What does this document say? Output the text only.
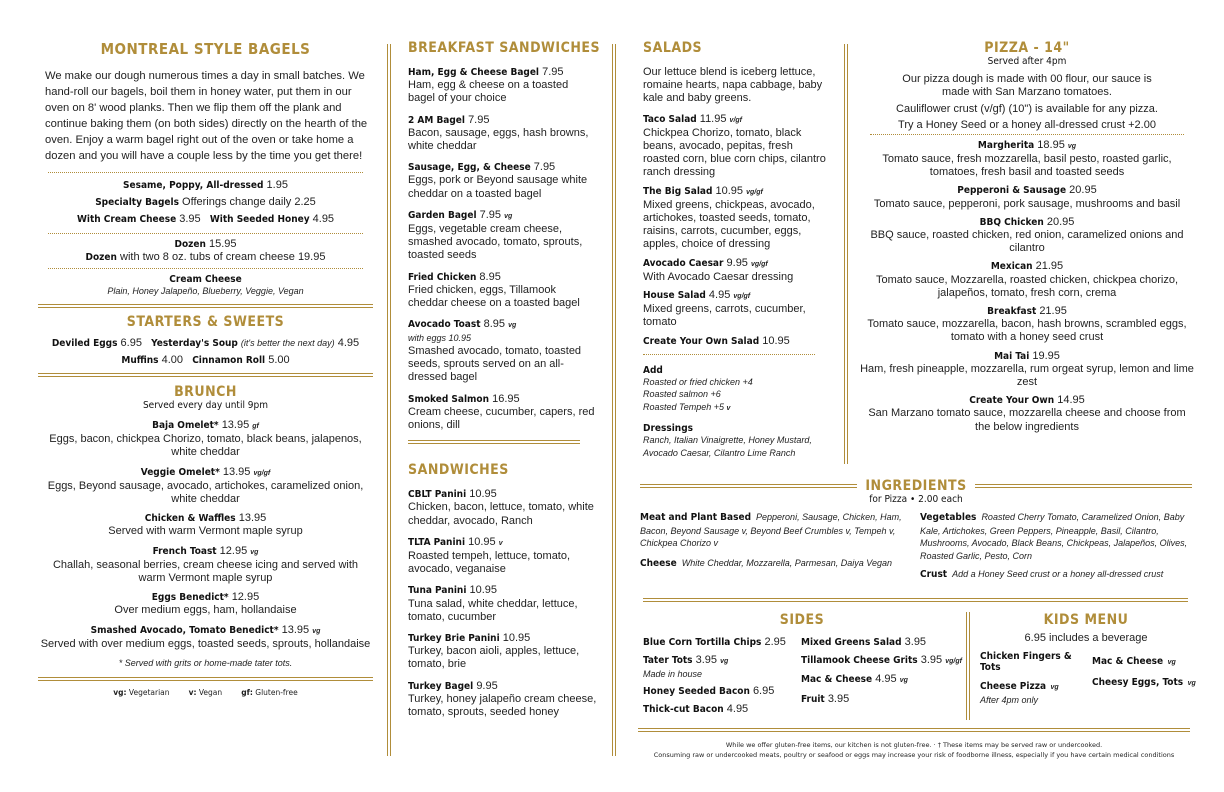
MONTREAL STYLE BAGELS
We make our dough numerous times a day in small batches. We hand-roll our bagels, boil them in honey water, put them in our oven on 8' wood planks. Then we flip them off the plank and continue baking them (on both sides) directly on the hearth of the oven. Enjoy a warm bagel right out of the oven or take home a dozen and you will have a couple less by the time you get there!
Sesame, Poppy, All-dressed 1.95
Specialty Bagels Offerings change daily 2.25
With Cream Cheese 3.95 With Seeded Honey 4.95
Dozen 15.95
Dozen with two 8 oz. tubs of cream cheese 19.95
Cream Cheese
Plain, Honey Jalapeño, Blueberry, Veggie, Vegan
STARTERS & SWEETS
Deviled Eggs 6.95 Yesterday's Soup (it's better the next day) 4.95
Muffins 4.00 Cinnamon Roll 5.00
BRUNCH
Served every day until 9pm
Baja Omelet* 13.95 gf
Eggs, bacon, chickpea Chorizo, tomato, black beans, jalapenos, white cheddar
Veggie Omelet* 13.95 vg/gf
Eggs, Beyond sausage, avocado, artichokes, caramelized onion, white cheddar
Chicken & Waffles 13.95
Served with warm Vermont maple syrup
French Toast 12.95 vg
Challah, seasonal berries, cream cheese icing and served with warm Vermont maple syrup
Eggs Benedict* 12.95
Over medium eggs, ham, hollandaise
Smashed Avocado, Tomato Benedict* 13.95 vg
Served with over medium eggs, toasted seeds, sprouts, hollandaise
* Served with grits or home-made tater tots.
vg: Vegetarian	v: Vegan	gf: Gluten-free
BREAKFAST SANDWICHES
Ham, Egg & Cheese Bagel 7.95
Ham, egg & cheese on a toasted bagel of your choice
2 AM Bagel 7.95
Bacon, sausage, eggs, hash browns, white cheddar
Sausage, Egg, & Cheese 7.95
Eggs, pork or Beyond sausage white cheddar on a toasted bagel
Garden Bagel 7.95 vg
Eggs, vegetable cream cheese, smashed avocado, tomato, sprouts, toasted seeds
Fried Chicken 8.95
Fried chicken, eggs, Tillamook cheddar cheese on a toasted bagel
Avocado Toast 8.95 vg
with eggs 10.95
Smashed avocado, tomato, toasted seeds, sprouts served on an all-dressed bagel
Smoked Salmon 16.95
Cream cheese, cucumber, capers, red onions, dill
SANDWICHES
CBLT Panini 10.95
Chicken, bacon, lettuce, tomato, white cheddar, avocado, Ranch
TLTA Panini 10.95 v
Roasted tempeh, lettuce, tomato, avocado, veganaise
Tuna Panini 10.95
Tuna salad, white cheddar, lettuce, tomato, cucumber
Turkey Brie Panini 10.95
Turkey, bacon aioli, apples, lettuce, tomato, brie
Turkey Bagel 9.95
Turkey, honey jalapeño cream cheese, tomato, sprouts, seeded honey
SALADS
Our lettuce blend is iceberg lettuce, romaine hearts, napa cabbage, baby kale and baby greens.
Taco Salad 11.95 v/gf
Chickpea Chorizo, tomato, black beans, avocado, pepitas, fresh roasted corn, blue corn chips, cilantro ranch dressing
The Big Salad 10.95 vg/gf
Mixed greens, chickpeas, avocado, artichokes, toasted seeds, tomato, raisins, carrots, cucumber, eggs, apples, choice of dressing
Avocado Caesar 9.95 vg/gf
With Avocado Caesar dressing
House Salad 4.95 vg/gf
Mixed greens, carrots, cucumber, tomato
Create Your Own Salad 10.95
Add
Roasted or fried chicken +4
Roasted salmon +6
Roasted Tempeh +5 v
Dressings
Ranch, Italian Vinaigrette, Honey Mustard, Avocado Caesar, Cilantro Lime Ranch
PIZZA - 14"
Served after 4pm
Our pizza dough is made with 00 flour, our sauce is made with San Marzano tomatoes.
Cauliflower crust (v/gf) (10") is available for any pizza.
Try a Honey Seed or a honey all-dressed crust +2.00
Margherita 18.95 vg
Tomato sauce, fresh mozzarella, basil pesto, roasted garlic, tomatoes, fresh basil and toasted seeds
Pepperoni & Sausage 20.95
Tomato sauce, pepperoni, pork sausage, mushrooms and basil
BBQ Chicken 20.95
BBQ sauce, roasted chicken, red onion, caramelized onions and cilantro
Mexican 21.95
Tomato sauce, Mozzarella, roasted chicken, chickpea chorizo, jalapeños, tomato, fresh corn, crema
Breakfast 21.95
Tomato sauce, mozzarella, bacon, hash browns, scrambled eggs, tomato with a honey seed crust
Mai Tai 19.95
Ham, fresh pineapple, mozzarella, rum orgeat syrup, lemon and lime zest
Create Your Own 14.95
San Marzano tomato sauce, mozzarella cheese and choose from the below ingredients
INGREDIENTS
for Pizza • 2.00 each
Meat and Plant Based Pepperoni, Sausage, Chicken, Ham, Bacon, Beyond Sausage v, Beyond Beef Crumbles v, Tempeh v, Chickpea Chorizo v
Cheese White Cheddar, Mozzarella, Parmesan, Daiya Vegan
Vegetables Roasted Cherry Tomato, Caramelized Onion, Baby Kale, Artichokes, Green Peppers, Pineapple, Basil, Cilantro, Mushrooms, Avocado, Black Beans, Chickpeas, Jalapeños, Olives, Roasted Garlic, Pesto, Corn
Crust Add a Honey Seed crust or a honey all-dressed crust
SIDES
Blue Corn Tortilla Chips 2.95
Tater Tots 3.95 vg
Made in house
Honey Seeded Bacon 6.95
Thick-cut Bacon 4.95
Mixed Greens Salad 3.95
Tillamook Cheese Grits 3.95 vg/gf
Mac & Cheese 4.95 vg
Fruit 3.95
KIDS MENU
6.95 includes a beverage
Chicken Fingers & Tots
Cheese Pizza vg
After 4pm only
Mac & Cheese vg
Cheesy Eggs, Tots vg
While we offer gluten-free items, our kitchen is not gluten-free. · † These items may be served raw or undercooked.
Consuming raw or undercooked meats, poultry or seafood or eggs may increase your risk of foodborne illness, especially if you have certain medical conditions
